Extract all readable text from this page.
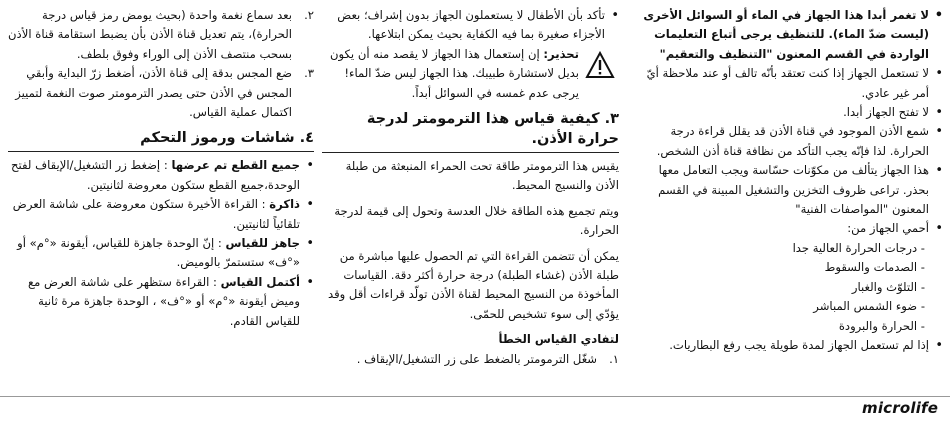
• لا تغمر أبدا هذا الجهاز في الماء أو السوائل الأخرى (ليست ضدّ الماء). للتنظيف يرجى أتباع التعليمات الواردة في القسم المعنون "التنظيف والتعقيم"
• لا تستعمل الجهاز إذا كنت تعتقد بأنّه تالف أو عند ملاحظة أيّ أمر غير عادي.
• لا تفتح الجهاز أبدا.
• شمع الأذن الموجود في قناة الأذن قد يقلل قراءة درجة الحرارة. لذا فإنّه يجب التأكد من نظافة قناة أذن الشخص.
• هذا الجهاز يتألف من مكوّنات حسّاسة ويجب التعامل معها بحذر. تراعى ظروف التخزين والتشغيل المبينة في القسم المعنون "المواصفات الفنية"
• أحمي الجهاز من:
- درجات الحرارة العالية جدا
- الصدمات والسقوط
- التلوّث والغبار
- ضوء الشمس المباشر
- الحرارة والبرودة
• إذا لم تستعمل الجهاز لمدة طويلة يجب رفع البطاريات.
• تأكد بأن الأطفال لا يستعملون الجهاز بدون إشراف؛ بعض الأجزاء صغيرة بما فيه الكفاية بحيث يمكن ابتلاعها.
تحذير: إن إستعمال هذا الجهاز لا يقصد منه أن يكون بديل لاستشارة طبيبك. هذا الجهاز ليس ضدّ الماء! يرجى عدم غمسه في السوائل أبداً.

٣. كيفية قياس هذا الترمومتر لدرجة حرارة الأذن.

يقيس هذا الترمومتر طاقة تحت الحمراء المنبعثة من طبلة الأذن والنسيج المحيط.

ويتم تجميع هذه الطاقة خلال العدسة وتحول إلى قيمة لدرجة الحرارة.

يمكن أن تتضمن القراءة التي تم الحصول عليها مباشرة من طبلة الأذن (غشاء الطبلة) درجة حرارة أكثر دقة. القياسات المأخوذة من النسيج المحيط لقناة الأذن تولّد قراءات أقل وقد يؤدّي إلى سوء تشخيص للحمّى.

لتفادي القياس الخطأ

١.
شغّل الترمومتر بالضغط على زر التشغيل/الإيقاف .
٢.
بعد سماع نغمة واحدة (بحيث يومض رمز قياس درجة الحرارة)، يتم تعديل قناة الأذن بأن يضبط استقامة قناة الأذن بسحب منتصف الأذن إلى الوراء وفوق بلطف.
٣.
ضع المجس بدقة إلى قناة الأذن، أضغط زرّ البداية وأبقي المجس في الأذن حتى يصدر الترمومتر صوت النغمة لتمييز اكتمال عملية القياس.

٤. شاشات ورموز التحكم

• جميع القطع تم عرضها : إضغط زر التشغيل/الإيقاف لفتح الوحدة،جميع القطع ستكون معروضة لثانيتين.
• ذاكرة : القراءة الأخيرة ستكون معروضة على شاشة العرض تلقائياً لثانيتين.
• جاهز للقياس : إنّ الوحدة جاهزة للقياس، أيقونة «°م» أو «°ف» ستستمرّ بالوميض.
• أكتمل القياس : القراءة ستظهر على شاشة العرض مع وميض أيقونة «°م» أو «°ف» ، الوحدة جاهزة مرة ثانية للقياس القادم.
microlife
